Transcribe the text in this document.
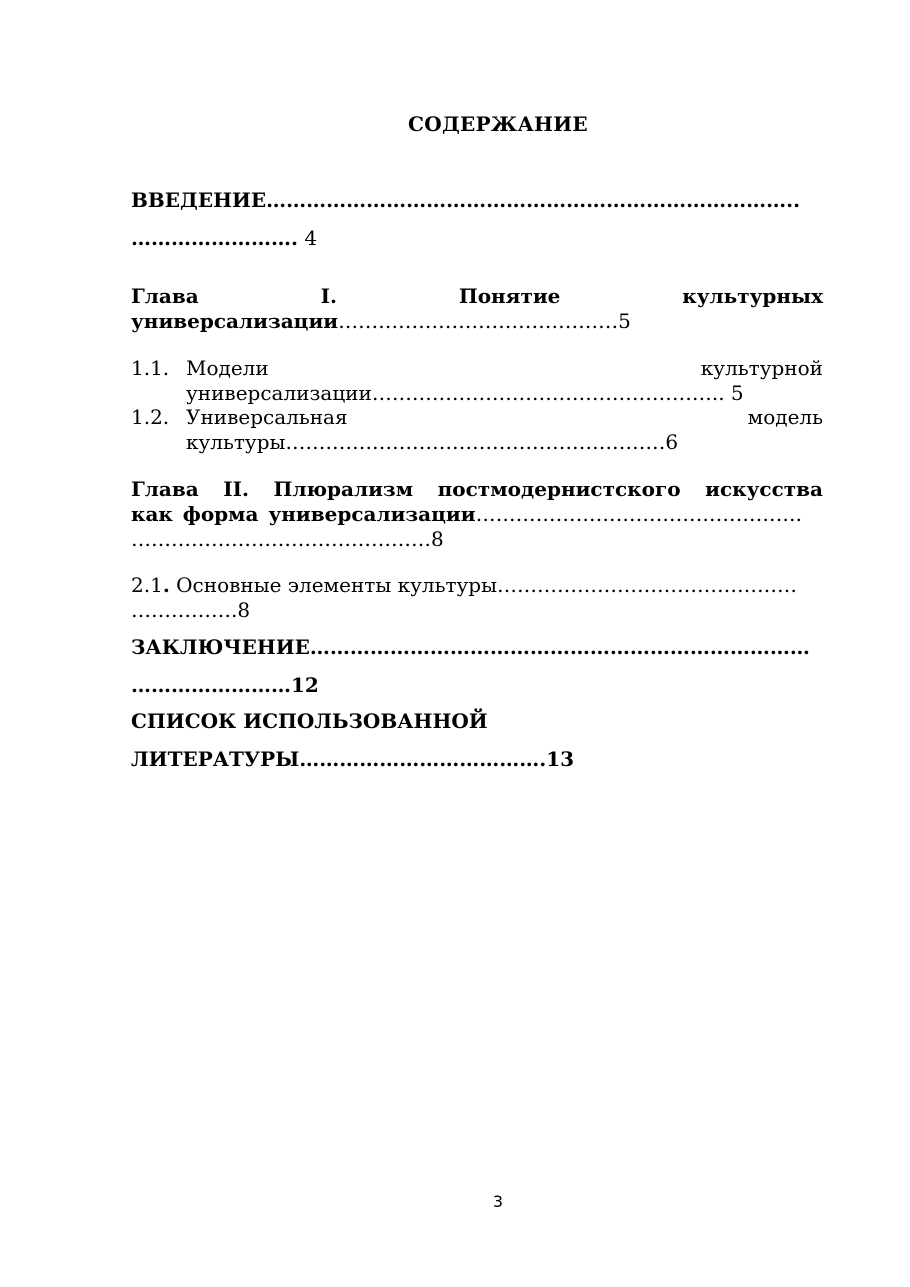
СОДЕРЖАНИЕ
ВВЕДЕНИЕ……………………………………………………………………..
……………………. 4
Глава	I.	Понятие	культурных
универсализации……………………………………5
1.1. Модели	культурной
универсализации…………………………………………….. 5
1.2. Универсальная	модель
культуры…………………………………………………6
Глава II. Плюрализм постмодернистского искусства
как форма универсализации………………………………………….
………………………………………8
2.1. Основные элементы культуры………………………………………
…………….8
ЗАКЛЮЧЕНИЕ…………………………………………………………………
……………………12
СПИСОК ИСПОЛЬЗОВАННОЙ
ЛИТЕРАТУРЫ……………………………….13
3
